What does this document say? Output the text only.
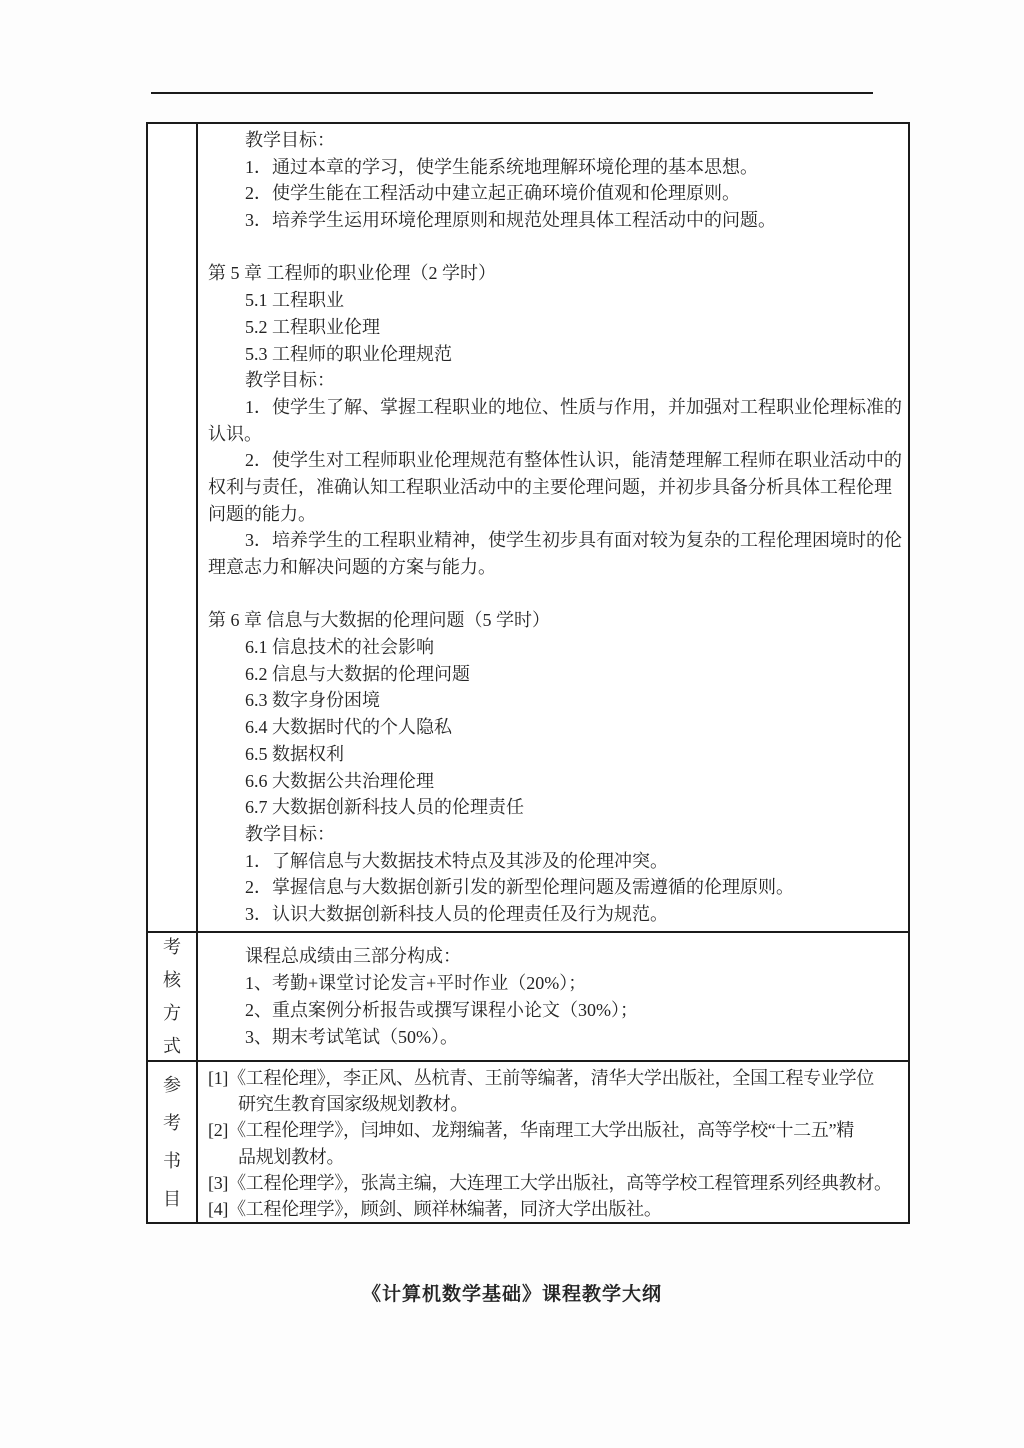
教学目标：
1．通过本章的学习，使学生能系统地理解环境伦理的基本思想。
2．使学生能在工程活动中建立起正确环境价值观和伦理原则。
3．培养学生运用环境伦理原则和规范处理具体工程活动中的问题。
第 5 章 工程师的职业伦理（2 学时）
5.1 工程职业
5.2 工程职业伦理
5.3 工程师的职业伦理规范
教学目标：
1．使学生了解、掌握工程职业的地位、性质与作用，并加强对工程职业伦理标准的
认识。
2．使学生对工程师职业伦理规范有整体性认识，能清楚理解工程师在职业活动中的
权利与责任，准确认知工程职业活动中的主要伦理问题，并初步具备分析具体工程伦理
问题的能力。
3．培养学生的工程职业精神，使学生初步具有面对较为复杂的工程伦理困境时的伦
理意志力和解决问题的方案与能力。
第 6 章 信息与大数据的伦理问题（5 学时）
6.1 信息技术的社会影响
6.2 信息与大数据的伦理问题
6.3 数字身份困境
6.4 大数据时代的个人隐私
6.5 数据权利
6.6 大数据公共治理伦理
6.7 大数据创新科技人员的伦理责任
教学目标：
1．了解信息与大数据技术特点及其涉及的伦理冲突。
2．掌握信息与大数据创新引发的新型伦理问题及需遵循的伦理原则。
3．认识大数据创新科技人员的伦理责任及行为规范。
考核方式
课程总成绩由三部分构成：
1、考勤+课堂讨论发言+平时作业（20%）；
2、重点案例分析报告或撰写课程小论文（30%）；
3、期末考试笔试（50%）。
参考书目
[1]《工程伦理》，李正风、丛杭青、王前等编著，清华大学出版社，全国工程专业学位
研究生教育国家级规划教材。
[2]《工程伦理学》，闫坤如、龙翔编著，华南理工大学出版社，高等学校“十二五”精
品规划教材。
[3]《工程伦理学》，张嵩主编，大连理工大学出版社，高等学校工程管理系列经典教材。
[4]《工程伦理学》，顾剑、顾祥林编著，同济大学出版社。
《计算机数学基础》课程教学大纲
